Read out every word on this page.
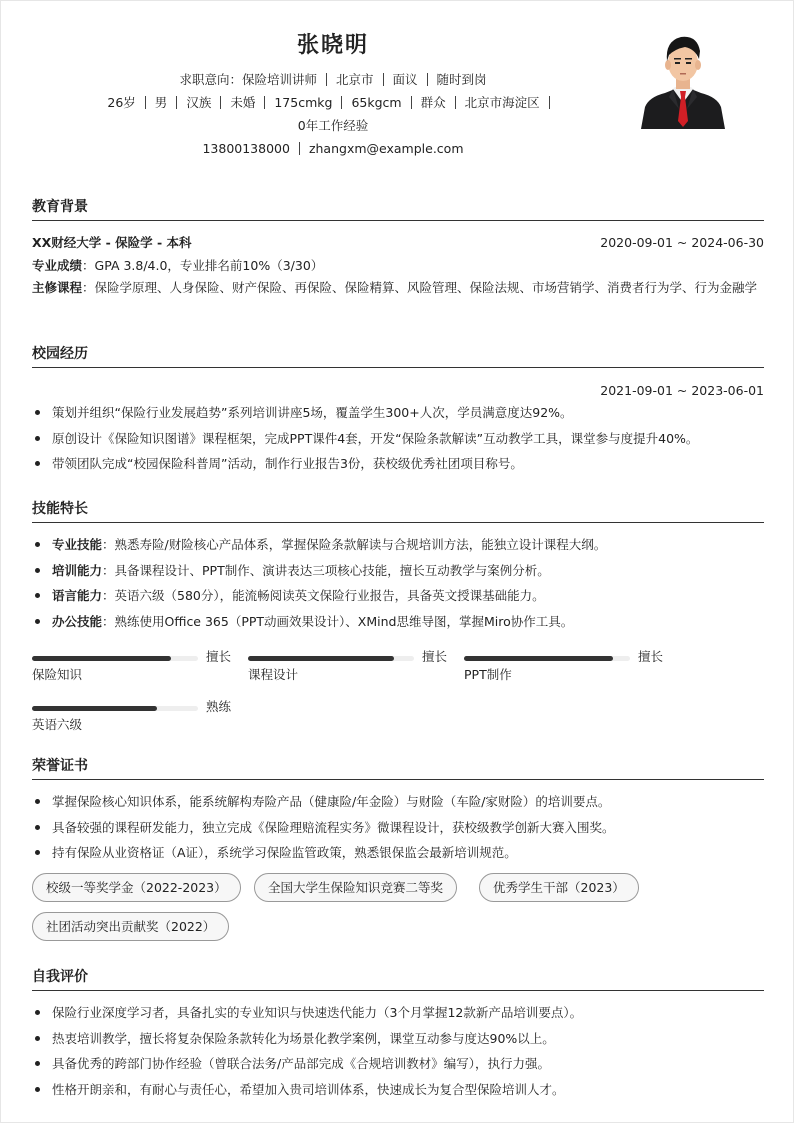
张晓明
求职意向：保险培训讲师 北京市 面议 随时到岗
26岁 男 汉族 未婚 175cmkg 65kgcm 群众 北京市海淀区
0年工作经验
13800138000 zhangxm@example.com
教育背景
XX财经大学 - 保险学 - 本科	2020-09-01 ~ 2024-06-30
专业成绩：GPA 3.8/4.0，专业排名前10%（3/30）
主修课程：保险学原理、人身保险、财产保险、再保险、保险精算、风险管理、保险法规、市场营销学、消费者行为学、行为金融学
校园经历
2021-09-01 ~ 2023-06-01
策划并组织“保险行业发展趋势”系列培训讲座5场，覆盖学生300+人次，学员满意度达92%。
原创设计《保险知识图谱》课程框架，完成PPT课件4套，开发“保险条款解读”互动教学工具，课堂参与度提升40%。
带领团队完成“校园保险科普周”活动，制作行业报告3份，获校级优秀社团项目称号。
技能特长
专业技能：熟悉寿险/财险核心产品体系，掌握保险条款解读与合规培训方法，能独立设计课程大纲。
培训能力：具备课程设计、PPT制作、演讲表达三项核心技能，擅长互动教学与案例分析。
语言能力：英语六级（580分），能流畅阅读英文保险行业报告，具备英文授课基础能力。
办公技能：熟练使用Office 365（PPT动画效果设计）、XMind思维导图，掌握Miro协作工具。
擅长
保险知识
擅长
课程设计
擅长
PPT制作
熟练
英语六级
荣誉证书
掌握保险核心知识体系，能系统解构寿险产品（健康险/年金险）与财险（车险/家财险）的培训要点。
具备较强的课程研发能力，独立完成《保险理赔流程实务》微课程设计，获校级教学创新大赛入围奖。
持有保险从业资格证（A证），系统学习保险监管政策，熟悉银保监会最新培训规范。
校级一等奖学金（2022-2023）	全国大学生保险知识竞赛二等奖	优秀学生干部（2023）
社团活动突出贡献奖（2022）
自我评价
保险行业深度学习者，具备扎实的专业知识与快速迭代能力（3个月掌握12款新产品培训要点）。
热衷培训教学，擅长将复杂保险条款转化为场景化教学案例，课堂互动参与度达90%以上。
具备优秀的跨部门协作经验（曾联合法务/产品部完成《合规培训教材》编写），执行力强。
性格开朗亲和，有耐心与责任心，希望加入贵司培训体系，快速成长为复合型保险培训人才。
